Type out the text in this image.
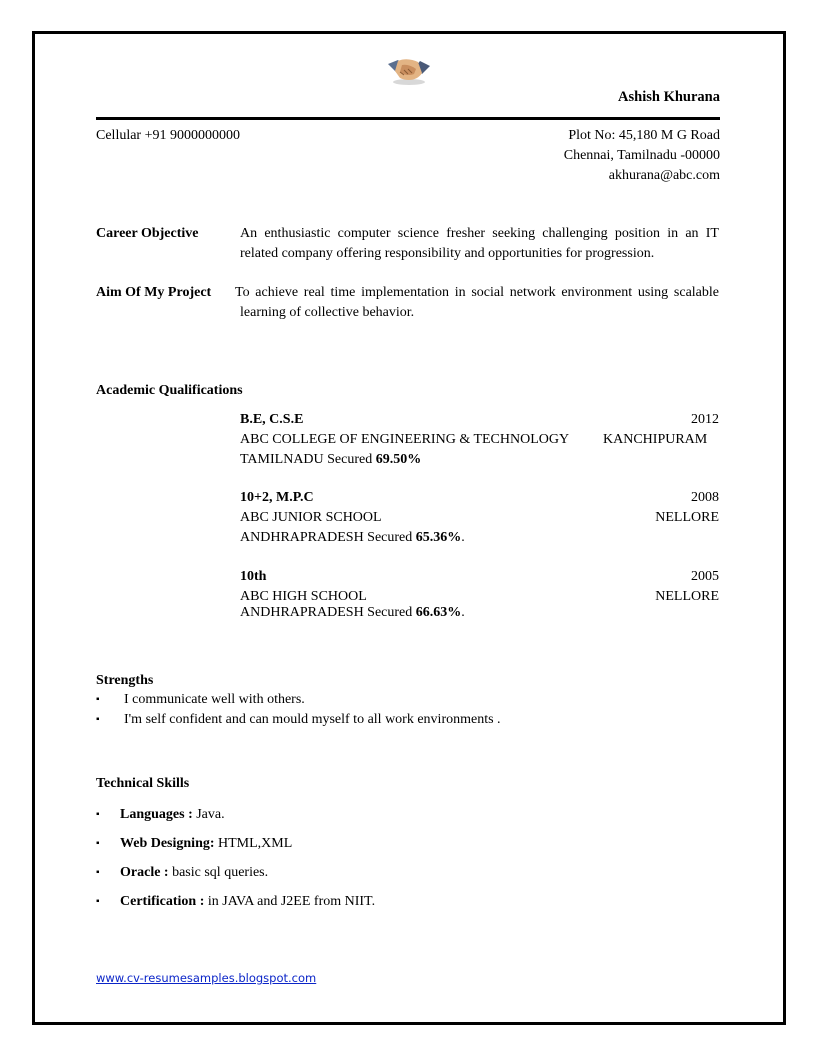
Ashish Khurana
Cellular +91 9000000000	Plot No: 45,180 M G Road
Chennai, Tamilnadu -00000
akhurana@abc.com
Career Objective	An enthusiastic computer science fresher seeking challenging position in an IT
related company offering responsibility and opportunities for progression.
Aim Of My Project To achieve real time implementation in social network environment using scalable
learning of collective behavior.
Academic Qualifications
B.E, C.S.E	2012
ABC COLLEGE OF ENGINEERING & TECHNOLOGY KANCHIPURAM
TAMILNADU Secured 69.50%
10+2, M.P.C	2008
ABC JUNIOR SCHOOL	NELLORE
ANDHRAPRADESH Secured 65.36%.
10th	2005
ABC HIGH SCHOOL	NELLORE
ANDHRAPRADESH Secured 66.63%.
Strengths
▪ I communicate well with others.
▪ I'm self confident and can mould myself to all work environments .
Technical Skills
▪ Languages : Java.
▪ Web Designing: HTML,XML
▪ Oracle : basic sql queries.
▪ Certification : in JAVA and J2EE from NIIT.
www.cv-resumesamples.blogspot.com
